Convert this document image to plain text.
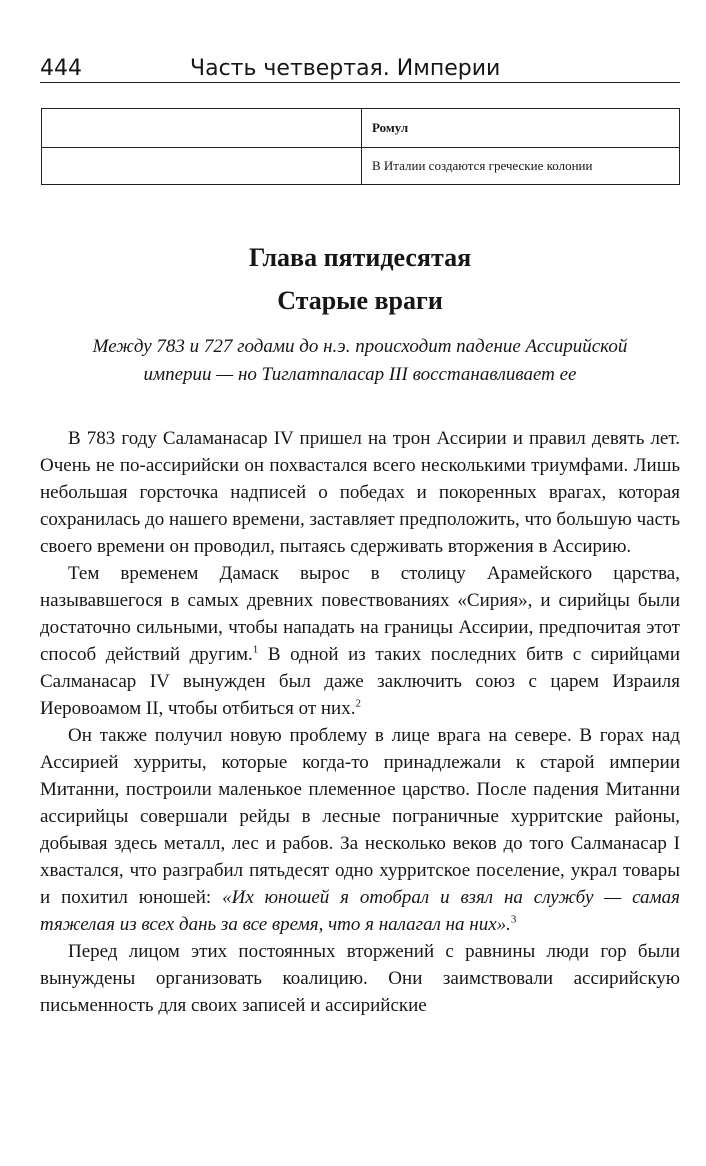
444	Часть четвертая. Империи
	Ромул
	В Италии создаются греческие колонии
Глава пятидесятая
Старые враги
Между 783 и 727 годами до н.э. происходит падение Ассирийской империи — но Тиглатпаласар III восстанавливает ее

В 783 году Саламанасар IV пришел на трон Ассирии и правил девять лет. Очень не по-ассирийски он похвастался всего несколькими триумфами. Лишь небольшая горсточка надписей о победах и покоренных врагах, которая сохранилась до нашего времени, заставляет предположить, что большую часть своего времени он проводил, пытаясь сдерживать вторжения в Ассирию.

Тем временем Дамаск вырос в столицу Арамейского царства, называвшегося в самых древних повествованиях «Сирия», и сирийцы были достаточно сильными, чтобы нападать на границы Ассирии, предпочитая этот способ действий другим.$^1$ В одной из таких последних битв с сирийцами Салманасар IV вынужден был даже заключить союз с царем Израиля Иеровоамом II, чтобы отбиться от них.$^2$

Он также получил новую проблему в лице врага на севере. В горах над Ассирией хурриты, которые когда-то принадлежали к старой империи Митанни, построили маленькое племенное царство. После падения Митанни ассирийцы совершали рейды в лесные пограничные хурритские районы, добывая здесь металл, лес и рабов. За несколько веков до того Салманасар I хвастался, что разграбил пятьдесят одно хурритское поселение, украл товары и похитил юношей: «Их юношей я отобрал и взял на службу — самая тяжелая из всех дань за все время, что я налагал на них».$^3$

Перед лицом этих постоянных вторжений с равнины люди гор были вынуждены организовать коалицию. Они заимствовали ассирийскую письменность для своих записей и ассирийские
